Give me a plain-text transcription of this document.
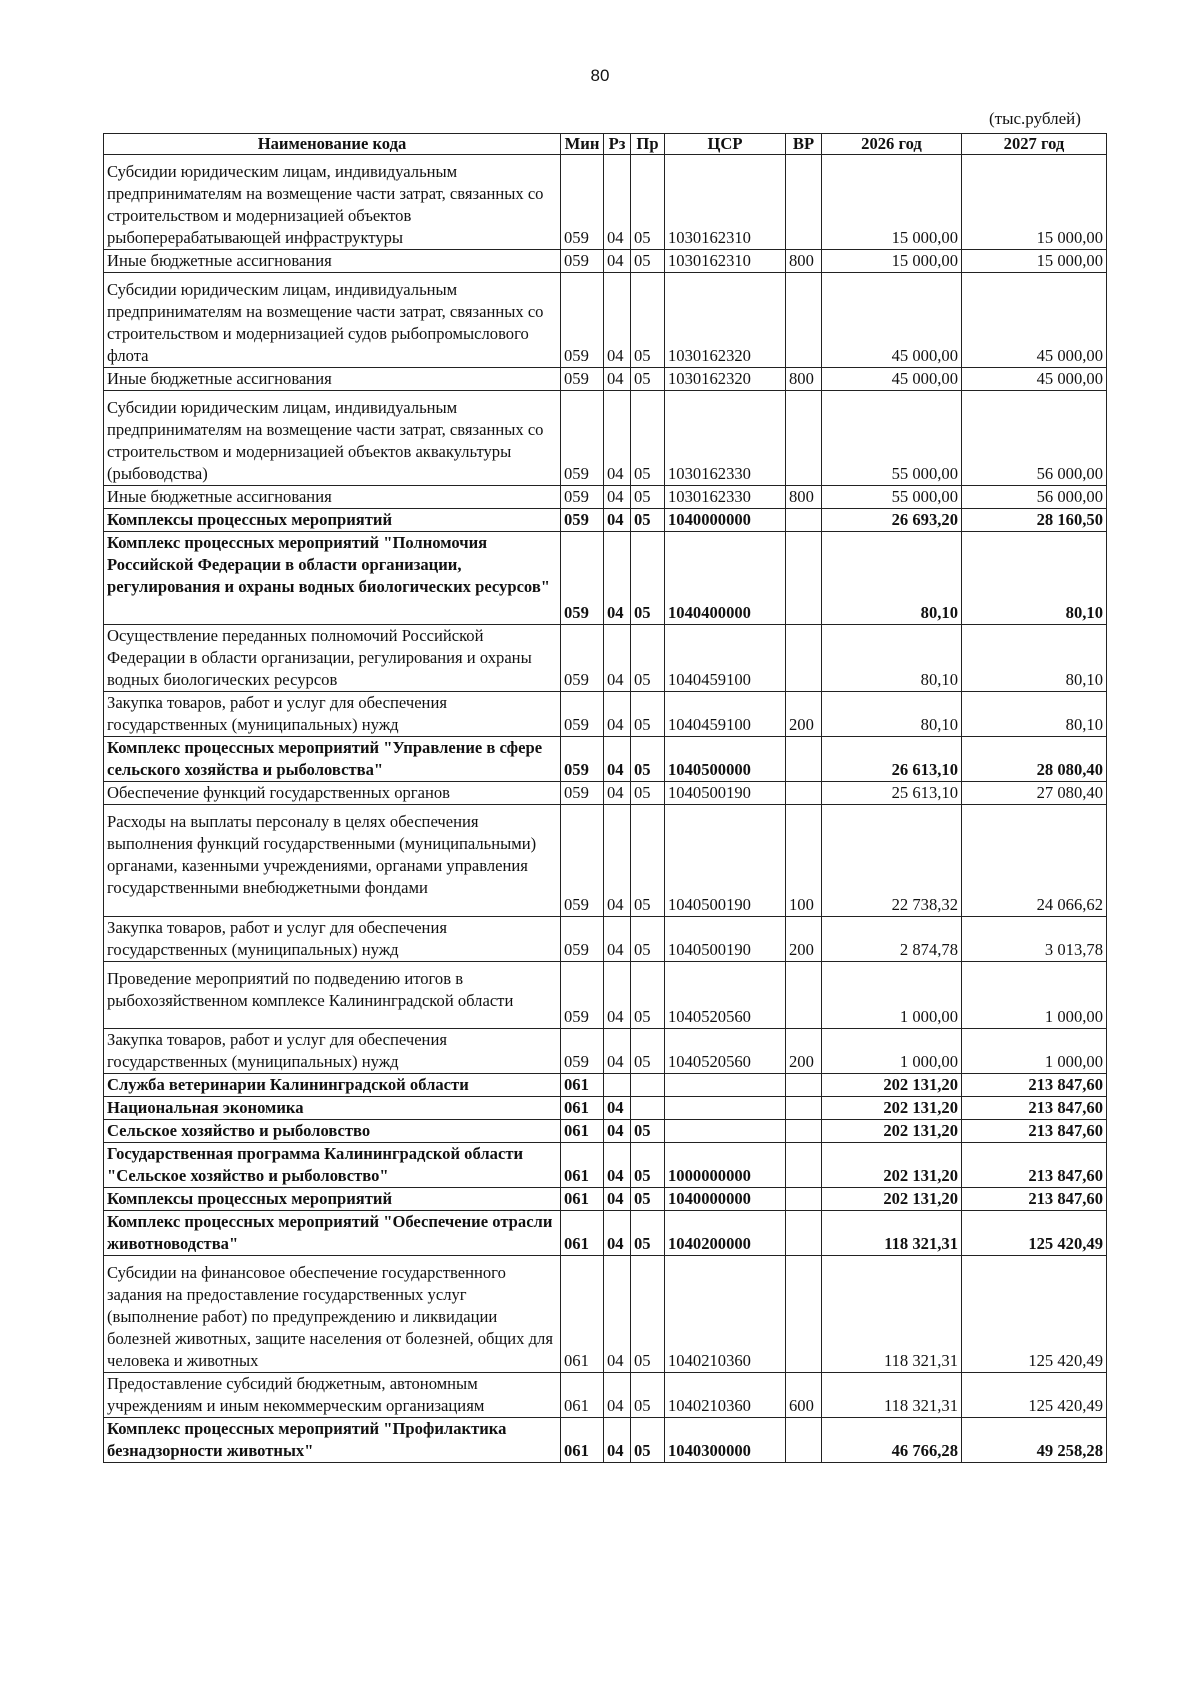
80
(тыс.рублей)
Наименование кода	Мин	Рз	Пр	ЦСР	ВР	2026 год	2027 год
Субсидии юридическим лицам, индивидуальным предпринимателям на возмещение части затрат, связанных со строительством и модернизацией объектов рыбоперерабатывающей инфраструктуры	059	04	05	1030162310		15 000,00	15 000,00
Иные бюджетные ассигнования	059	04	05	1030162310	800	15 000,00	15 000,00
Субсидии юридическим лицам, индивидуальным предпринимателям на возмещение части затрат, связанных со строительством и модернизацией судов рыбопромыслового флота	059	04	05	1030162320		45 000,00	45 000,00
Иные бюджетные ассигнования	059	04	05	1030162320	800	45 000,00	45 000,00
Субсидии юридическим лицам, индивидуальным предпринимателям на возмещение части затрат, связанных со строительством и модернизацией объектов аквакультуры (рыбоводства)	059	04	05	1030162330		55 000,00	56 000,00
Иные бюджетные ассигнования	059	04	05	1030162330	800	55 000,00	56 000,00
Комплексы процессных мероприятий	059	04	05	1040000000		26 693,20	28 160,50
Комплекс процессных мероприятий "Полномочия Российской Федерации в области организации, регулирования и охраны водных биологических ресурсов"	059	04	05	1040400000		80,10	80,10
Осуществление переданных полномочий Российской Федерации в области организации, регулирования и охраны водных биологических ресурсов	059	04	05	1040459100		80,10	80,10
Закупка товаров, работ и услуг для обеспечения государственных (муниципальных) нужд	059	04	05	1040459100	200	80,10	80,10
Комплекс процессных мероприятий "Управление в сфере сельского хозяйства и рыболовства"	059	04	05	1040500000		26 613,10	28 080,40
Обеспечение функций государственных органов	059	04	05	1040500190		25 613,10	27 080,40
Расходы на выплаты персоналу в целях обеспечения выполнения функций государственными (муниципальными) органами, казенными учреждениями, органами управления государственными внебюджетными фондами	059	04	05	1040500190	100	22 738,32	24 066,62
Закупка товаров, работ и услуг для обеспечения государственных (муниципальных) нужд	059	04	05	1040500190	200	2 874,78	3 013,78
Проведение мероприятий по подведению итогов в рыбохозяйственном комплексе Калининградской области	059	04	05	1040520560		1 000,00	1 000,00
Закупка товаров, работ и услуг для обеспечения государственных (муниципальных) нужд	059	04	05	1040520560	200	1 000,00	1 000,00
Служба ветеринарии Калининградской области	061					202 131,20	213 847,60
Национальная экономика	061	04				202 131,20	213 847,60
Сельское хозяйство и рыболовство	061	04	05			202 131,20	213 847,60
Государственная программа Калининградской области "Сельское хозяйство и рыболовство"	061	04	05	1000000000		202 131,20	213 847,60
Комплексы процессных мероприятий	061	04	05	1040000000		202 131,20	213 847,60
Комплекс процессных мероприятий "Обеспечение отрасли животноводства"	061	04	05	1040200000		118 321,31	125 420,49
Субсидии на финансовое обеспечение государственного задания на предоставление государственных услуг (выполнение работ) по предупреждению и ликвидации болезней животных, защите населения от болезней, общих для человека и животных	061	04	05	1040210360		118 321,31	125 420,49
Предоставление субсидий бюджетным, автономным учреждениям и иным некоммерческим организациям	061	04	05	1040210360	600	118 321,31	125 420,49
Комплекс процессных мероприятий "Профилактика безнадзорности животных"	061	04	05	1040300000		46 766,28	49 258,28
